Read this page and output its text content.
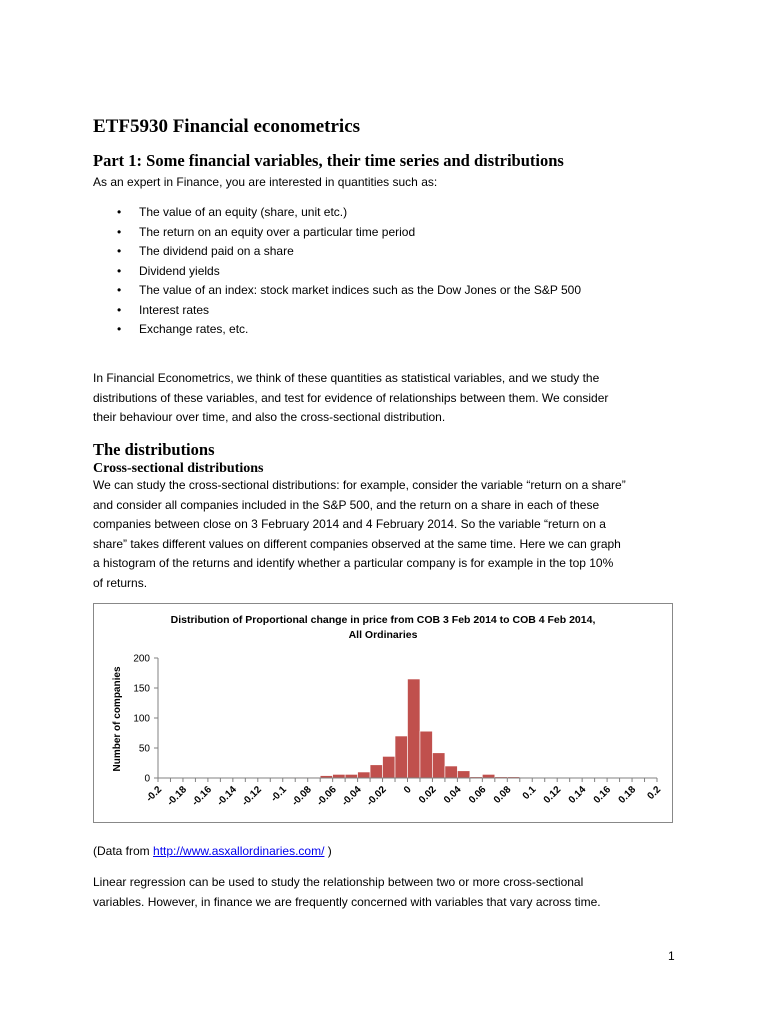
ETF5930 Financial econometrics
Part 1: Some financial variables, their time series and distributions

As an expert in Finance, you are interested in quantities such as:

• The value of an equity (share, unit etc.)
• The return on an equity over a particular time period
• The dividend paid on a share
• Dividend yields
• The value of an index: stock market indices such as the Dow Jones or the S&P 500
• Interest rates
• Exchange rates, etc.

In Financial Econometrics, we think of these quantities as statistical variables, and we study the

distributions of these variables, and test for evidence of relationships between them. We consider

their behaviour over time, and also the cross-sectional distribution.

The distributions
Cross-sectional distributions

We can study the cross-sectional distributions: for example, consider the variable “return on a share”

and consider all companies included in the S&P 500, and the return on a share in each of these

companies between close on 3 February 2014 and 4 February 2014. So the variable “return on a

share” takes different values on different companies observed at the same time. Here we can graph

a histogram of the returns and identify whether a particular company is for example in the top 10%

of returns.

Distribution of Proportional change in price from COB 3 Feb 2014 to COB 4 Feb 2014,
All Ordinaries
Number of companies
0
50
100
150
200
-0.2 -0.18 -0.16 -0.14 -0.12 -0.1 -0.08 -0.06 -0.04 -0.02 0 0.02 0.04 0.06 0.08 0.1 0.12 0.14 0.16 0.18 0.2

(Data from http://www.asxallordinaries.com/ )

Linear regression can be used to study the relationship between two or more cross-sectional

variables. However, in finance we are frequently concerned with variables that vary across time.

1
